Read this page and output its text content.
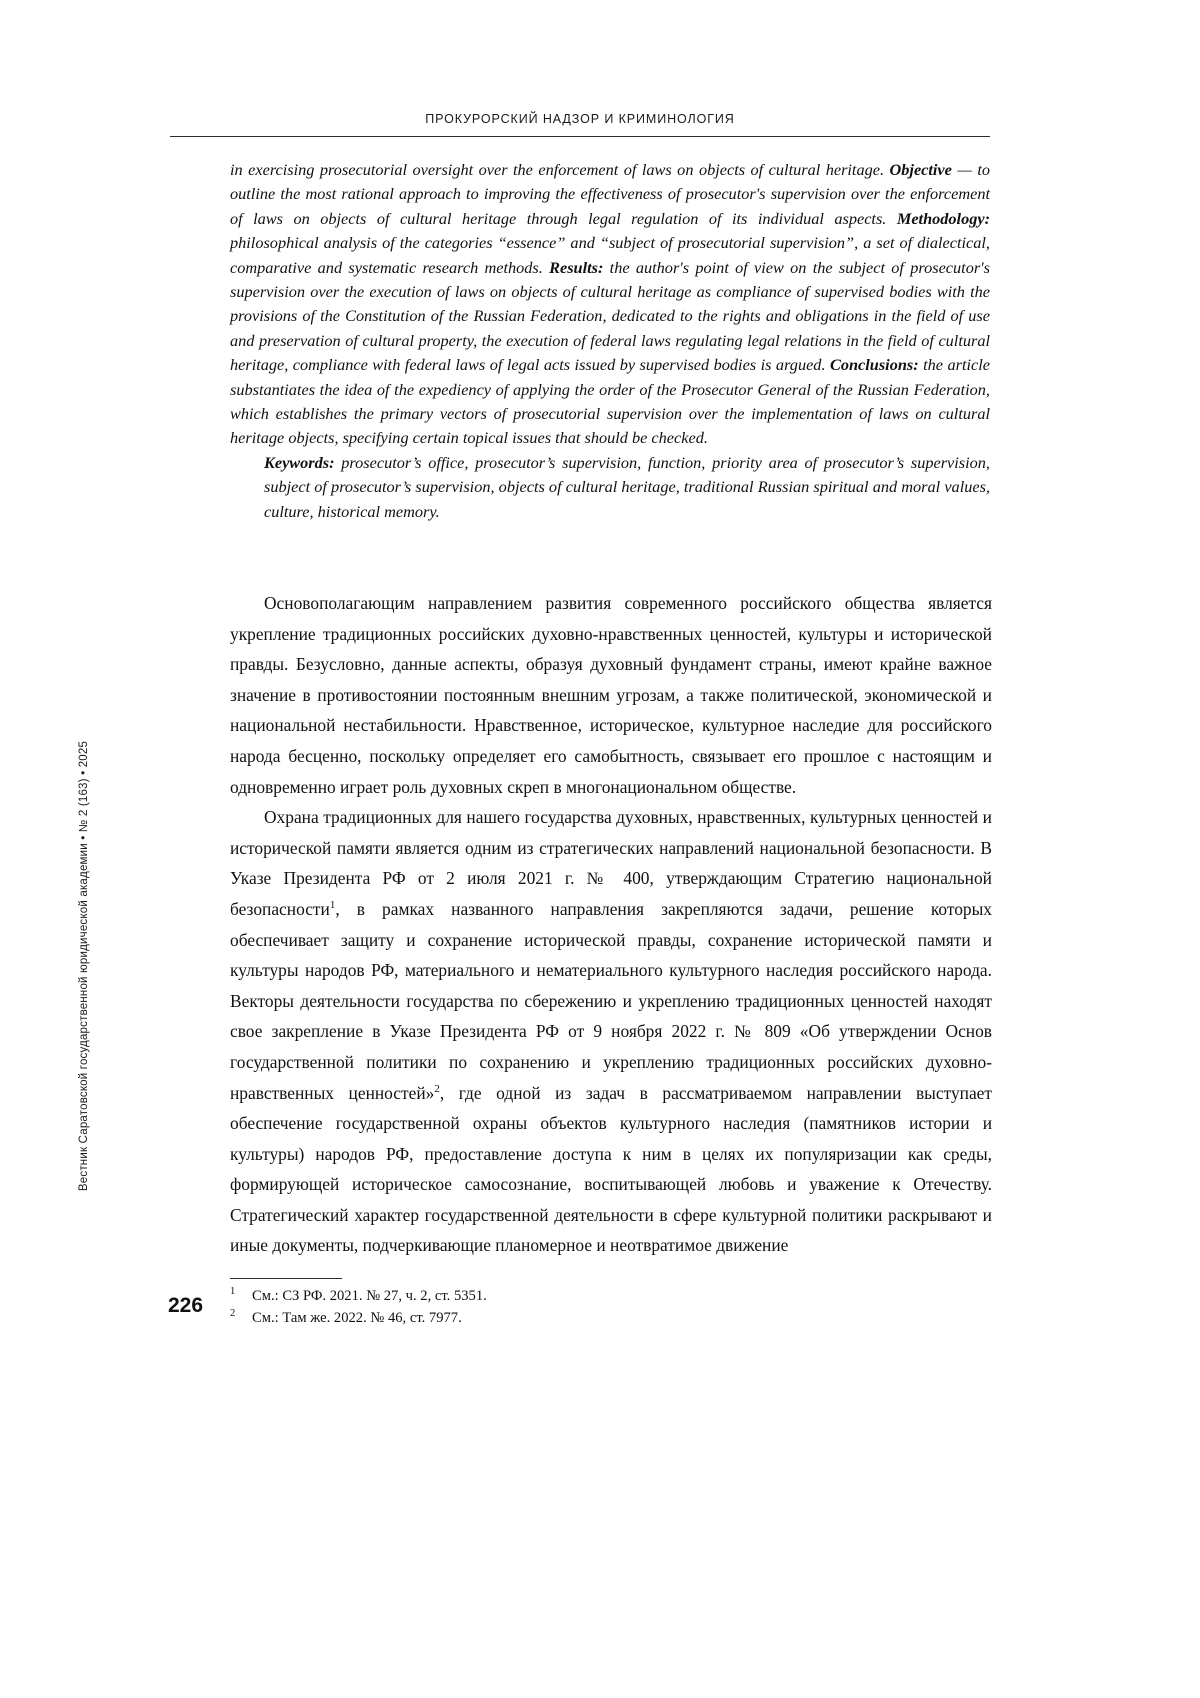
ПРОКУРОРСКИЙ НАДЗОР И КРИМИНОЛОГИЯ
Вестник Саратовской государственной юридической академии • № 2 (163) • 2025

in exercising prosecutorial oversight over the enforcement of laws on objects of cultural heritage. Objective — to outline the most rational approach to improving the effectiveness of prosecutor's supervision over the enforcement of laws on objects of cultural heritage through legal regulation of its individual aspects. Methodology: philosophical analysis of the categories “essence” and “subject of prosecutorial supervision”, a set of dialectical, comparative and systematic research methods. Results: the author's point of view on the subject of prosecutor's supervision over the execution of laws on objects of cultural heritage as compliance of supervised bodies with the provisions of the Constitution of the Russian Federation, dedicated to the rights and obligations in the field of use and preservation of cultural property, the execution of federal laws regulating legal relations in the field of cultural heritage, compliance with federal laws of legal acts issued by supervised bodies is argued. Conclusions: the article substantiates the idea of the expediency of applying the order of the Prosecutor General of the Russian Federation, which establishes the primary vectors of prosecutorial supervision over the implementation of laws on cultural heritage objects, specifying certain topical issues that should be checked.

Keywords: prosecutor’s office, prosecutor’s supervision, function, priority area of prosecutor’s supervision, subject of prosecutor’s supervision, objects of cultural heritage, traditional Russian spiritual and moral values, culture, historical memory.

Основополагающим направлением развития современного российского общества является укрепление традиционных российских духовно-нравственных ценностей, культуры и исторической правды. Безусловно, данные аспекты, образуя духовный фундамент страны, имеют крайне важное значение в противостоянии постоянным внешним угрозам, а также политической, экономической и национальной нестабильности. Нравственное, историческое, культурное наследие для российского народа бесценно, поскольку определяет его самобытность, связывает его прошлое с настоящим и одновременно играет роль духовных скреп в многонациональном обществе.

Охрана традиционных для нашего государства духовных, нравственных, культурных ценностей и исторической памяти является одним из стратегических направлений национальной безопасности. В Указе Президента РФ от 2 июля 2021 г. № 400, утверждающим Стратегию национальной безопасности$^1$, в рамках названного направления закрепляются задачи, решение которых обеспечивает защиту и сохранение исторической правды, сохранение исторической памяти и культуры народов РФ, материального и нематериального культурного наследия российского народа. Векторы деятельности государства по сбережению и укреплению традиционных ценностей находят свое закрепление в Указе Президента РФ от 9 ноября 2022 г. № 809 «Об утверждении Основ государственной политики по сохранению и укреплению традиционных российских духовно-нравственных ценностей»$^2$, где одной из задач в рассматриваемом направлении выступает обеспечение государственной охраны объектов культурного наследия (памятников истории и культуры) народов РФ, предоставление доступа к ним в целях их популяризации как среды, формирующей историческое самосознание, воспитывающей любовь и уважение к Отечеству. Стратегический характер государственной деятельности в сфере культурной политики раскрывают и иные документы, подчеркивающие планомерное и неотвратимое движение

1 См.: СЗ РФ. 2021. № 27, ч. 2, ст. 5351.
2 См.: Там же. 2022. № 46, ст. 7977.
226
